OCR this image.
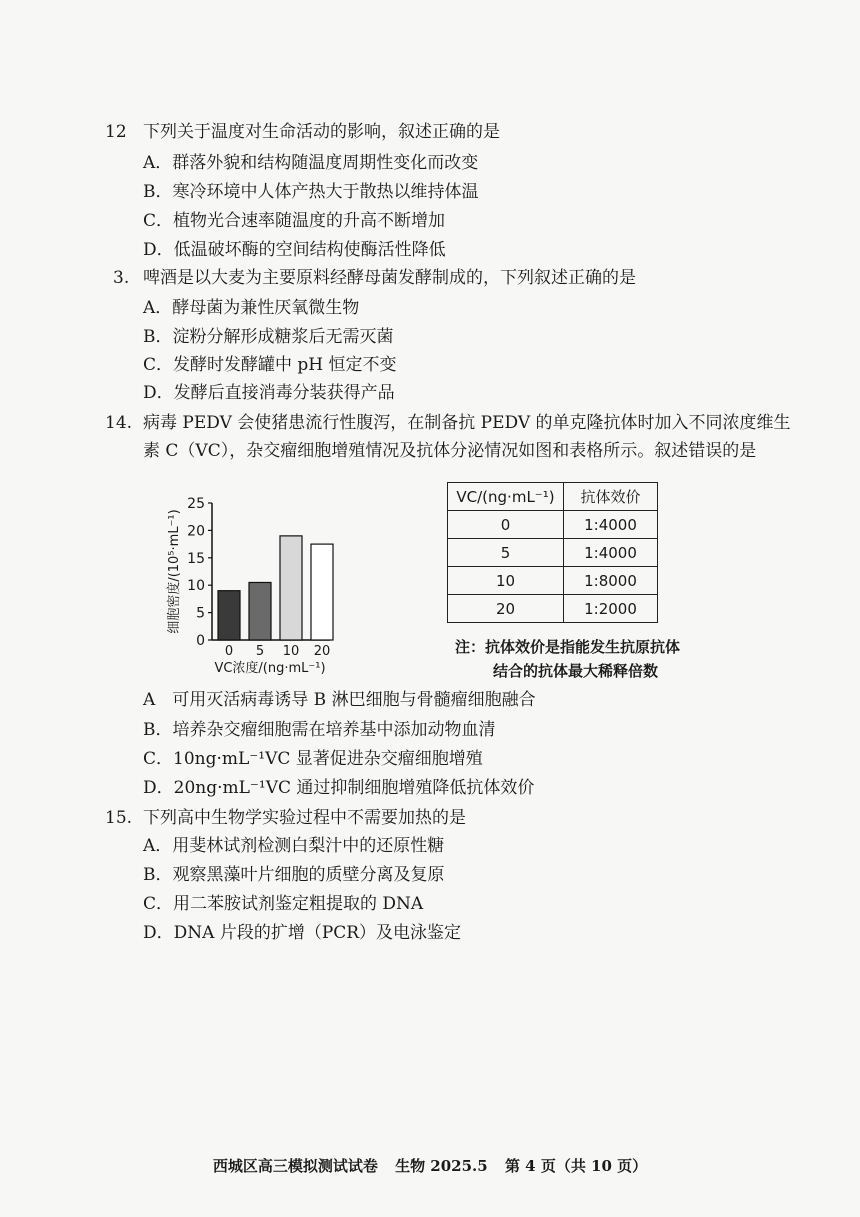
12 下列关于温度对生命活动的影响，叙述正确的是
A．群落外貌和结构随温度周期性变化而改变
B．寒冷环境中人体产热大于散热以维持体温
C．植物光合速率随温度的升高不断增加
D．低温破坏酶的空间结构使酶活性降低
3. 啤酒是以大麦为主要原料经酵母菌发酵制成的，下列叙述正确的是
A．酵母菌为兼性厌氧微生物
B．淀粉分解形成糖浆后无需灭菌
C．发酵时发酵罐中 pH 恒定不变
D．发酵后直接消毒分装获得产品
14. 病毒 PEDV 会使猪患流行性腹泻，在制备抗 PEDV 的单克隆抗体时加入不同浓度维生
素 C（VC），杂交瘤细胞增殖情况及抗体分泌情况如图和表格所示。叙述错误的是
0
5
10
15
20
25
0 5 10 20
VC浓度/(ng·mL⁻¹)
细胞密度/(10⁵·mL⁻¹)
VC/(ng·mL⁻¹)	抗体效价
0	1:4000
5	1:4000
10	1:8000
20	1:2000
注：抗体效价是指能发生抗原抗体
结合的抗体最大稀释倍数
A　可用灭活病毒诱导 B 淋巴细胞与骨髓瘤细胞融合
B．培养杂交瘤细胞需在培养基中添加动物血清
C．10ng·mL⁻¹VC 显著促进杂交瘤细胞增殖
D．20ng·mL⁻¹VC 通过抑制细胞增殖降低抗体效价
15. 下列高中生物学实验过程中不需要加热的是
A．用斐林试剂检测白梨汁中的还原性糖
B．观察黑藻叶片细胞的质壁分离及复原
C．用二苯胺试剂鉴定粗提取的 DNA
D．DNA 片段的扩增（PCR）及电泳鉴定
西城区高三模拟测试试卷 生物 2025.5 第 4 页（共 10 页）
